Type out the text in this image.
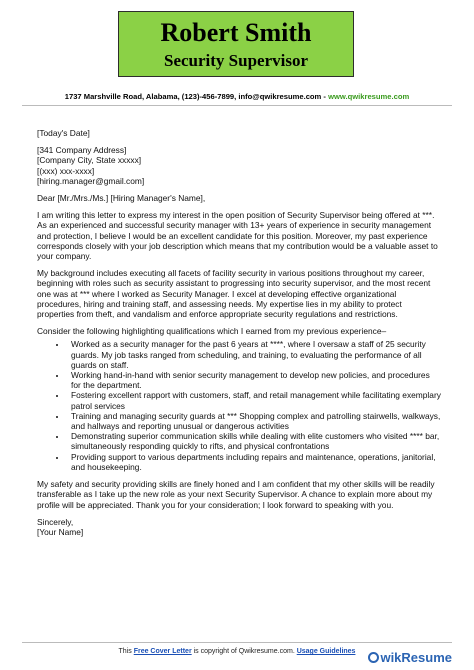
Robert Smith
Security Supervisor
1737 Marshville Road, Alabama, (123)-456-7899, info@qwikresume.com - www.qwikresume.com

[Today's Date]

[341 Company Address]
[Company City, State xxxxx]
[(xxx) xxx-xxxx]
[hiring.manager@gmail.com]

Dear [Mr./Mrs./Ms.] [Hiring Manager's Name],

I am writing this letter to express my interest in the open position of Security Supervisor being offered at ***. As an experienced and successful security manager with 13+ years of experience in security management and protection, I believe I would be an excellent candidate for this position. Moreover, my past experience corresponds closely with your job description which means that my contribution would be a valuable asset to your company.

My background includes executing all facets of facility security in various positions throughout my career, beginning with roles such as security assistant to progressing into security supervisor, and the most recent one was at *** where I worked as Security Manager. I excel at developing effective organizational procedures, hiring and training staff, and assessing needs. My expertise lies in my ability to protect properties from theft, and vandalism and enforce appropriate security regulations and restrictions.

Consider the following highlighting qualifications which I earned from my previous experience–

• Worked as a security manager for the past 6 years at ****, where I oversaw a staff of 25 security guards. My job tasks ranged from scheduling, and training, to evaluating the performance of all guards on staff.
• Working hand-in-hand with senior security management to develop new policies, and procedures for the department.
• Fostering excellent rapport with customers, staff, and retail management while facilitating exemplary patrol services
• Training and managing security guards at *** Shopping complex and patrolling stairwells, walkways, and hallways and reporting unusual or dangerous activities
• Demonstrating superior communication skills while dealing with elite customers who visited **** bar, simultaneously responding quickly to rifts, and physical confrontations
• Providing support to various departments including repairs and maintenance, operations, janitorial, and housekeeping.

My safety and security providing skills are finely honed and I am confident that my other skills will be readily transferable as I take up the new role as your next Security Supervisor. A chance to explain more about my profile will be appreciated. Thank you for your consideration; I look forward to speaking with you.

Sincerely,
[Your Name]

This Free Cover Letter is copyright of Qwikresume.com. Usage Guidelines	wikResume
